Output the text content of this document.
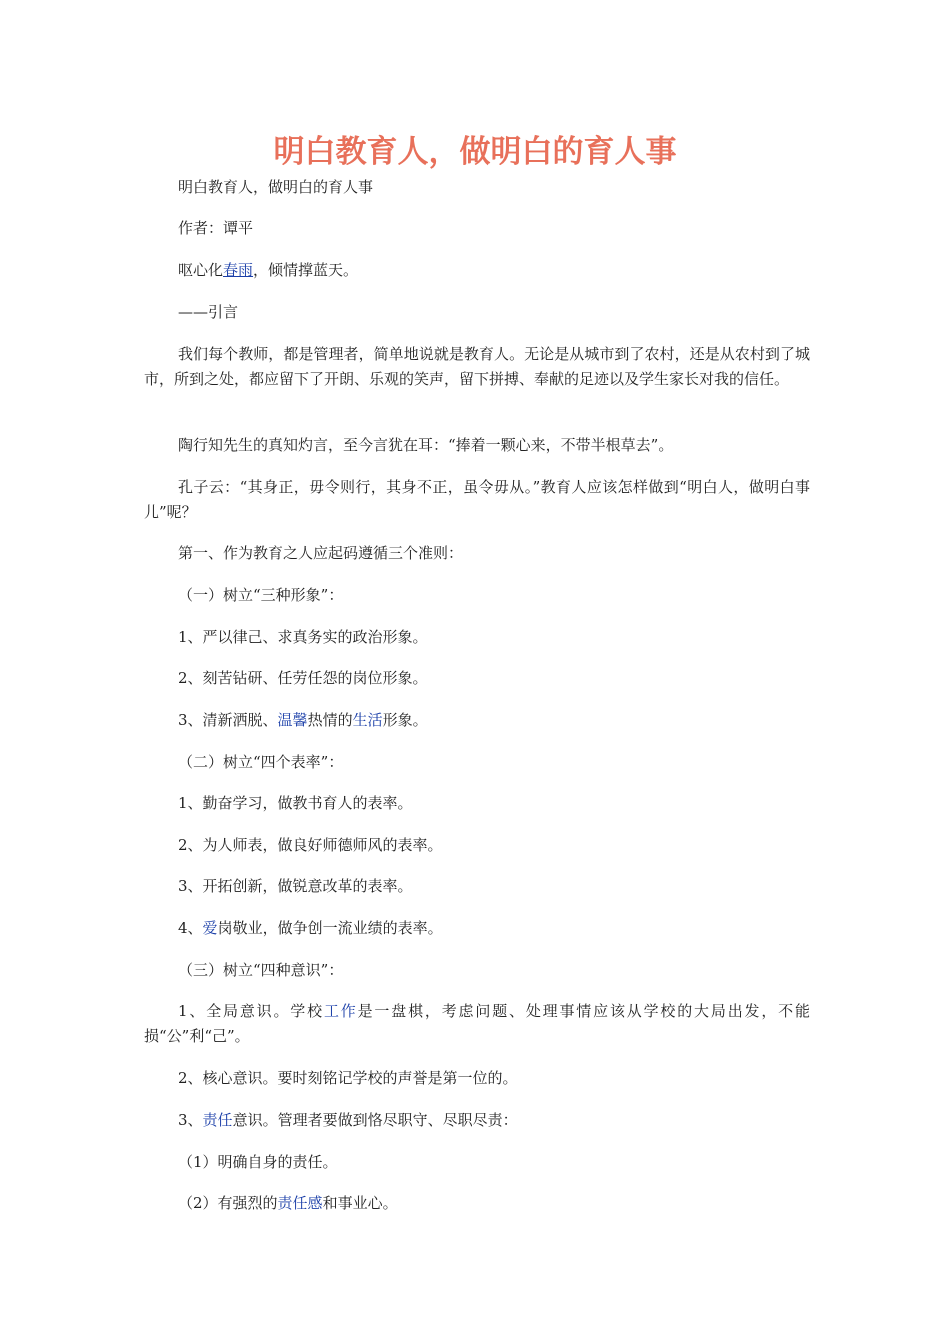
明白教育人，做明白的育人事

明白教育人，做明白的育人事

作者：谭平

呕心化春雨，倾情撑蓝天。

——引言

我们每个教师，都是管理者，简单地说就是教育人。无论是从城市到了农村，还是从农村到了城市，所到之处，都应留下了开朗、乐观的笑声，留下拼搏、奉献的足迹以及学生家长对我的信任。

陶行知先生的真知灼言，至今言犹在耳：“捧着一颗心来，不带半根草去”。

孔子云：“其身正，毋令则行，其身不正，虽令毋从。”教育人应该怎样做到“明白人，做明白事儿”呢？

第一、作为教育之人应起码遵循三个准则：

（一）树立“三种形象”：

1、严以律己、求真务实的政治形象。

2、刻苦钻研、任劳任怨的岗位形象。

3、清新洒脱、温馨热情的生活形象。

（二）树立“四个表率”：

1、勤奋学习，做教书育人的表率。

2、为人师表，做良好师德师风的表率。

3、开拓创新，做锐意改革的表率。

4、爱岗敬业，做争创一流业绩的表率。

（三）树立“四种意识”：

1、全局意识。学校工作是一盘棋，考虑问题、处理事情应该从学校的大局出发，不能损“公”利“己”。

2、核心意识。要时刻铭记学校的声誉是第一位的。

3、责任意识。管理者要做到恪尽职守、尽职尽责：

（1）明确自身的责任。

（2）有强烈的责任感和事业心。
